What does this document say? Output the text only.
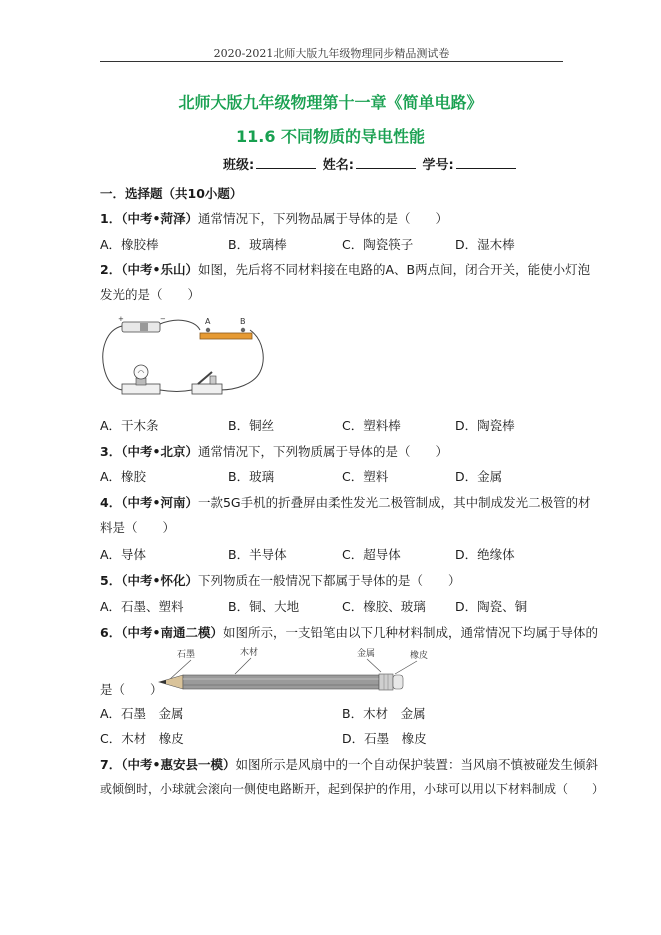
2020-2021北师大版九年级物理同步精品测试卷
北师大版九年级物理第十一章《简单电路》
11.6 不同物质的导电性能
班级:	姓名:	学号:
一．选择题（共10小题）
1．（中考•菏泽）通常情况下，下列物品属于导体的是（　　）
A．橡胶棒	B．玻璃棒	C．陶瓷筷子	D．湿木棒
2．（中考•乐山）如图，先后将不同材料接在电路的A、B两点间，闭合开关，能使小灯泡
发光的是（　　）
+	−	A	B
A．干木条	B．铜丝	C．塑料棒	D．陶瓷棒
3．（中考•北京）通常情况下，下列物质属于导体的是（　　）
A．橡胶	B．玻璃	C．塑料	D．金属
4．（中考•河南）一款5G手机的折叠屏由柔性发光二极管制成，其中制成发光二极管的材
料是（　　）
A．导体	B．半导体	C．超导体	D．绝缘体
5．（中考•怀化）下列物质在一般情况下都属于导体的是（　　）
A．石墨、塑料	B．铜、大地	C．橡胶、玻璃 D．陶瓷、铜
6．（中考•南通二模）如图所示，一支铅笔由以下几种材料制成，通常情况下均属于导体的
石墨	木材	金属	橡皮
是（　　）
A．石墨　金属	B．木材　金属
C．木材　橡皮	D．石墨　橡皮
7．（中考•惠安县一模）如图所示是风扇中的一个自动保护装置：当风扇不慎被碰发生倾斜
或倾倒时，小球就会滚向一侧使电路断开，起到保护的作用，小球可以用以下材料制成（　　）
